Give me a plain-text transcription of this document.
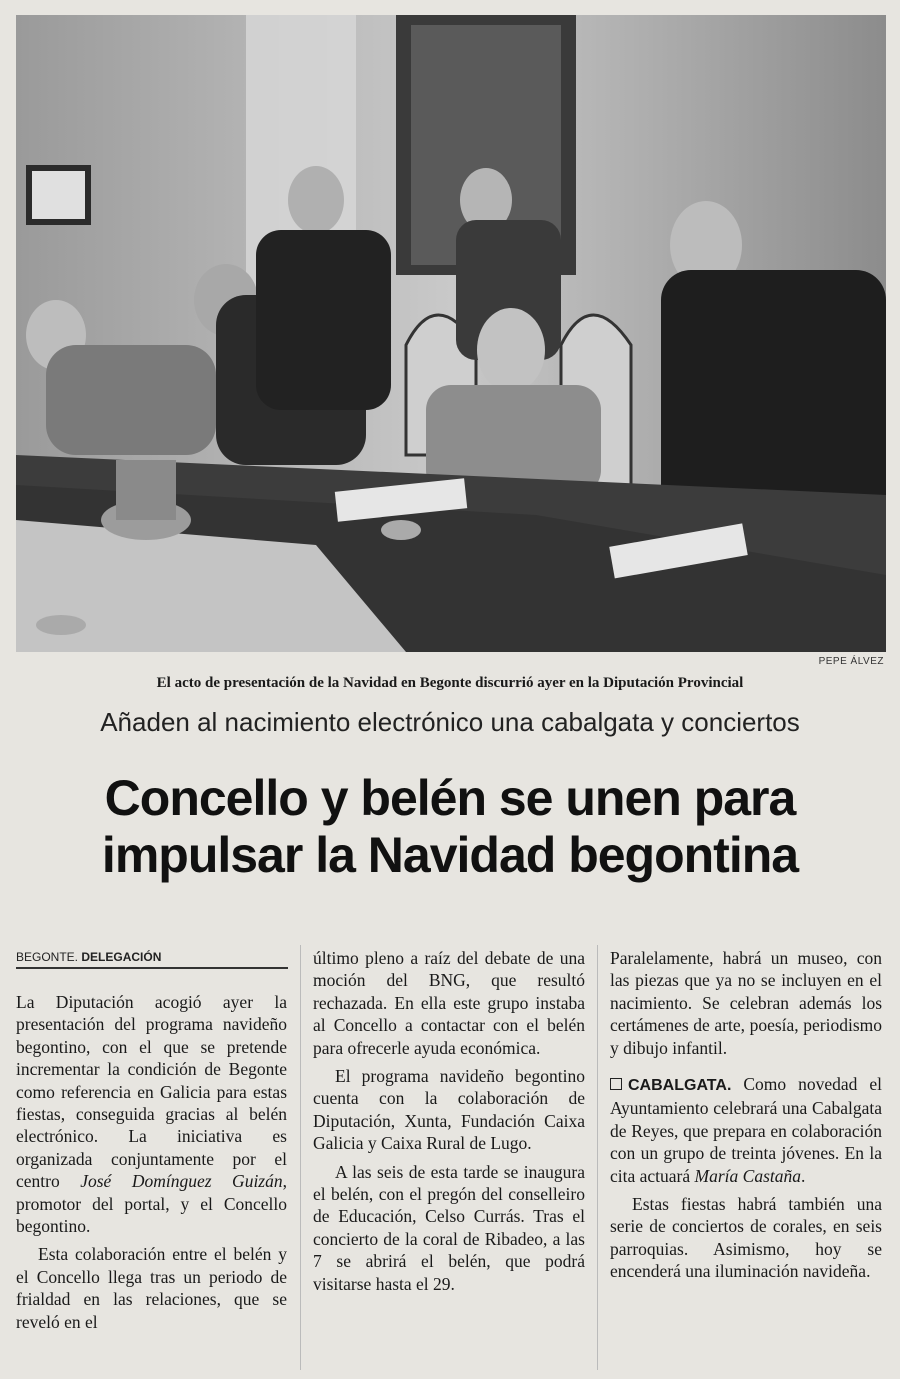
PEPE ÁLVEZ
El acto de presentación de la Navidad en Begonte discurrió ayer en la Diputación Provincial
Añaden al nacimiento electrónico una cabalgata y conciertos
Concello y belén se unen para
impulsar la Navidad begontina
BEGONTE. DELEGACIÓN

La Diputación acogió ayer la presentación del programa navideño begontino, con el que se pretende incrementar la condición de Begonte como referencia en Galicia para estas fiestas, conseguida gracias al belén electrónico. La iniciativa es organizada conjuntamente por el centro José Domínguez Guizán, promotor del portal, y el Concello begontino.

Esta colaboración entre el belén y el Concello llega tras un periodo de frialdad en las relaciones, que se reveló en el

último pleno a raíz del debate de una moción del BNG, que resultó rechazada. En ella este grupo instaba al Concello a contactar con el belén para ofrecerle ayuda económica.

El programa navideño begontino cuenta con la colaboración de Diputación, Xunta, Fundación Caixa Galicia y Caixa Rural de Lugo.

A las seis de esta tarde se inaugura el belén, con el pregón del conselleiro de Educación, Celso Currás. Tras el concierto de la coral de Ribadeo, a las 7 se abrirá el belén, que podrá visitarse hasta el 29.

Paralelamente, habrá un museo, con las piezas que ya no se incluyen en el nacimiento. Se celebran además los certámenes de arte, poesía, periodismo y dibujo infantil.

CABALGATA. Como novedad el Ayuntamiento celebrará una Cabalgata de Reyes, que prepara en colaboración con un grupo de treinta jóvenes. En la cita actuará María Castaña.

Estas fiestas habrá también una serie de conciertos de corales, en seis parroquias. Asimismo, hoy se encenderá una iluminación navideña.
